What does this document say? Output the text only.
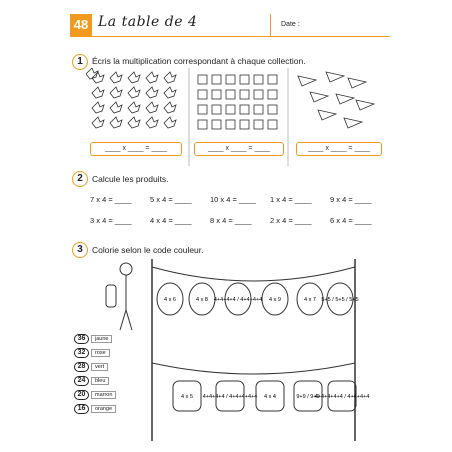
48 La table de 4	Date :
1	Écris la multiplication correspondant à chaque collection.
____ x ____ = ____	____ x ____ = ____	____ x ____ = ____
2	Calcule les produits.
7 x 4 = ____ 5 x 4 = ____ 10 x 4 = ____ 1 x 4 = ____ 9 x 4 = ____
3 x 4 = ____ 4 x 4 = ____ 8 x 4 = ____ 2 x 4 = ____ 6 x 4 = ____
3	Colorie selon le code couleur.
4 x 6	4 x 8 4+4+4+4 / 4+4+4+4 4 x 9	4 x 7 5+5 / 5+5 / 5+5
4 x 5 4+4+4+4 / 4+4+4+4+4 4 x 4	9+9 / 9+9
4+4+4+4+4 / 4+4+4+4
36	jaune
32	rose
28	vert
24	bleu
20	marron
16	orange
